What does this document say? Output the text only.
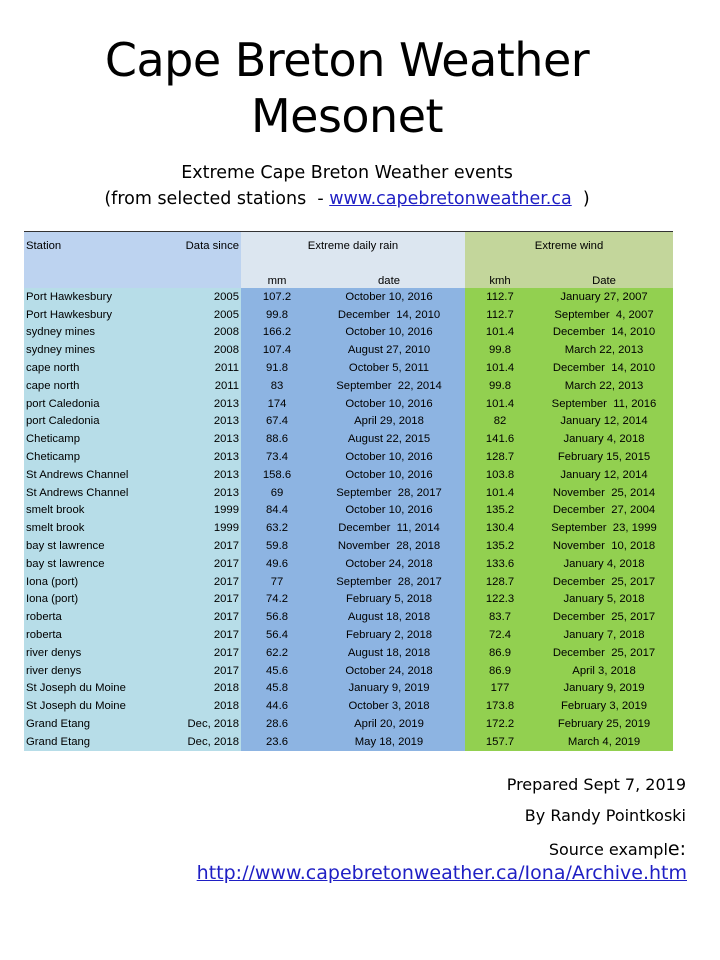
Cape Breton Weather
Mesonet
Extreme Cape Breton Weather events
(from selected stations  - www.capebretonweather.ca  )
Station	Data since	Extreme daily rain		Extreme wind	
		mm	date	kmh	Date
Port Hawkesbury	2005	107.2	October 10, 2016	112.7	January 27, 2007
Port Hawkesbury	2005	99.8	December  14, 2010	112.7	September  4, 2007
sydney mines	2008	166.2	October 10, 2016	101.4	December  14, 2010
sydney mines	2008	107.4	August 27, 2010	99.8	March 22, 2013
cape north	2011	91.8	October 5, 2011	101.4	December  14, 2010
cape north	2011	83	September  22, 2014	99.8	March 22, 2013
port Caledonia	2013	174	October 10, 2016	101.4	September  11, 2016
port Caledonia	2013	67.4	April 29, 2018	82	January 12, 2014
Cheticamp	2013	88.6	August 22, 2015	141.6	January 4, 2018
Cheticamp	2013	73.4	October 10, 2016	128.7	February 15, 2015
St Andrews Channel	2013	158.6	October 10, 2016	103.8	January 12, 2014
St Andrews Channel	2013	69	September  28, 2017	101.4	November  25, 2014
smelt brook	1999	84.4	October 10, 2016	135.2	December  27, 2004
smelt brook	1999	63.2	December  11, 2014	130.4	September  23, 1999
bay st lawrence	2017	59.8	November  28, 2018	135.2	November  10, 2018
bay st lawrence	2017	49.6	October 24, 2018	133.6	January 4, 2018
Iona (port)	2017	77	September  28, 2017	128.7	December  25, 2017
Iona (port)	2017	74.2	February 5, 2018	122.3	January 5, 2018
roberta	2017	56.8	August 18, 2018	83.7	December  25, 2017
roberta	2017	56.4	February 2, 2018	72.4	January 7, 2018
river denys	2017	62.2	August 18, 2018	86.9	December  25, 2017
river denys	2017	45.6	October 24, 2018	86.9	April 3, 2018
St Joseph du Moine	2018	45.8	January 9, 2019	177	January 9, 2019
St Joseph du Moine	2018	44.6	October 3, 2018	173.8	February 3, 2019
Grand Etang	Dec, 2018	28.6	April 20, 2019	172.2	February 25, 2019
Grand Etang	Dec, 2018	23.6	May 18, 2019	157.7	March 4, 2019
Prepared Sept 7, 2019
By Randy Pointkoski
Source example:
http://www.capebretonweather.ca/Iona/Archive.htm
